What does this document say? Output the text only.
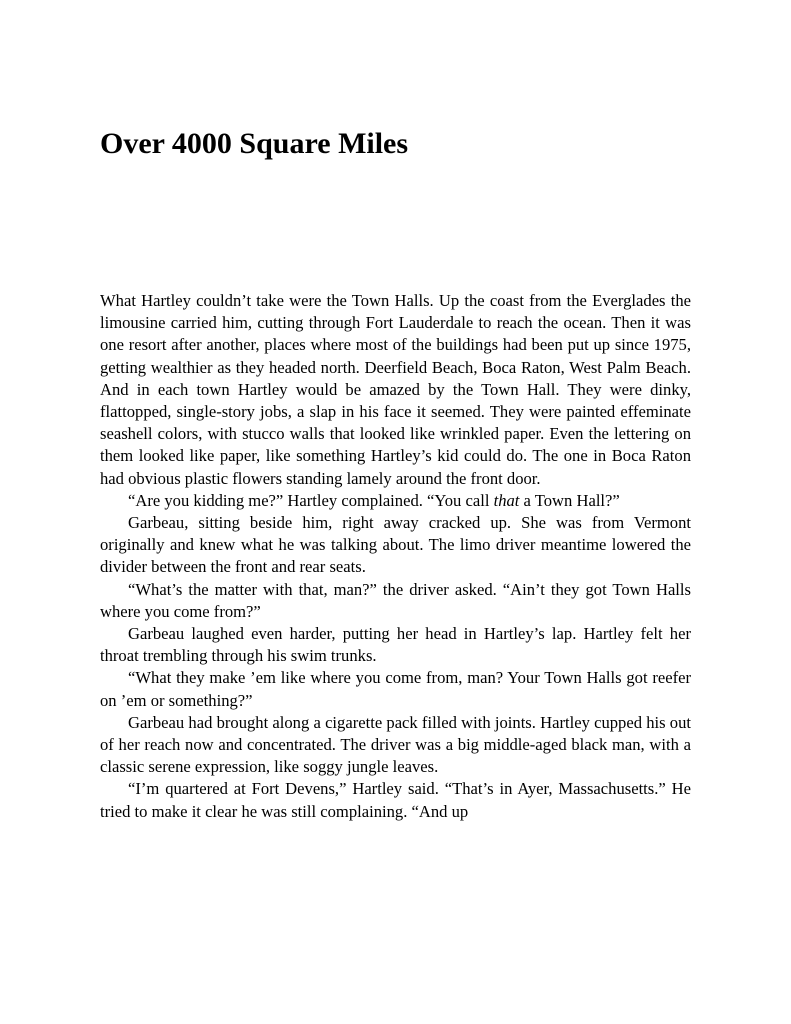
Over 4000 Square Miles

What Hartley couldn’t take were the Town Halls. Up the coast from the Everglades the limousine carried him, cutting through Fort Lauderdale to reach the ocean. Then it was one resort after another, places where most of the buildings had been put up since 1975, getting wealthier as they headed north. Deerfield Beach, Boca Raton, West Palm Beach. And in each town Hartley would be amazed by the Town Hall. They were dinky, flattopped, single-story jobs, a slap in his face it seemed. They were painted effeminate seashell colors, with stucco walls that looked like wrinkled paper. Even the lettering on them looked like paper, like something Hartley’s kid could do. The one in Boca Raton had obvious plastic flowers standing lamely around the front door.

“Are you kidding me?” Hartley complained. “You call that a Town Hall?”

Garbeau, sitting beside him, right away cracked up. She was from Vermont originally and knew what he was talking about. The limo driver meantime lowered the divider between the front and rear seats.

“What’s the matter with that, man?” the driver asked. “Ain’t they got Town Halls where you come from?”

Garbeau laughed even harder, putting her head in Hartley’s lap. Hartley felt her throat trembling through his swim trunks.

“What they make ’em like where you come from, man? Your Town Halls got reefer on ’em or something?”

Garbeau had brought along a cigarette pack filled with joints. Hartley cupped his out of her reach now and concentrated. The driver was a big middle-aged black man, with a classic serene expression, like soggy jungle leaves.

“I’m quartered at Fort Devens,” Hartley said. “That’s in Ayer, Massachusetts.” He tried to make it clear he was still complaining. “And up
